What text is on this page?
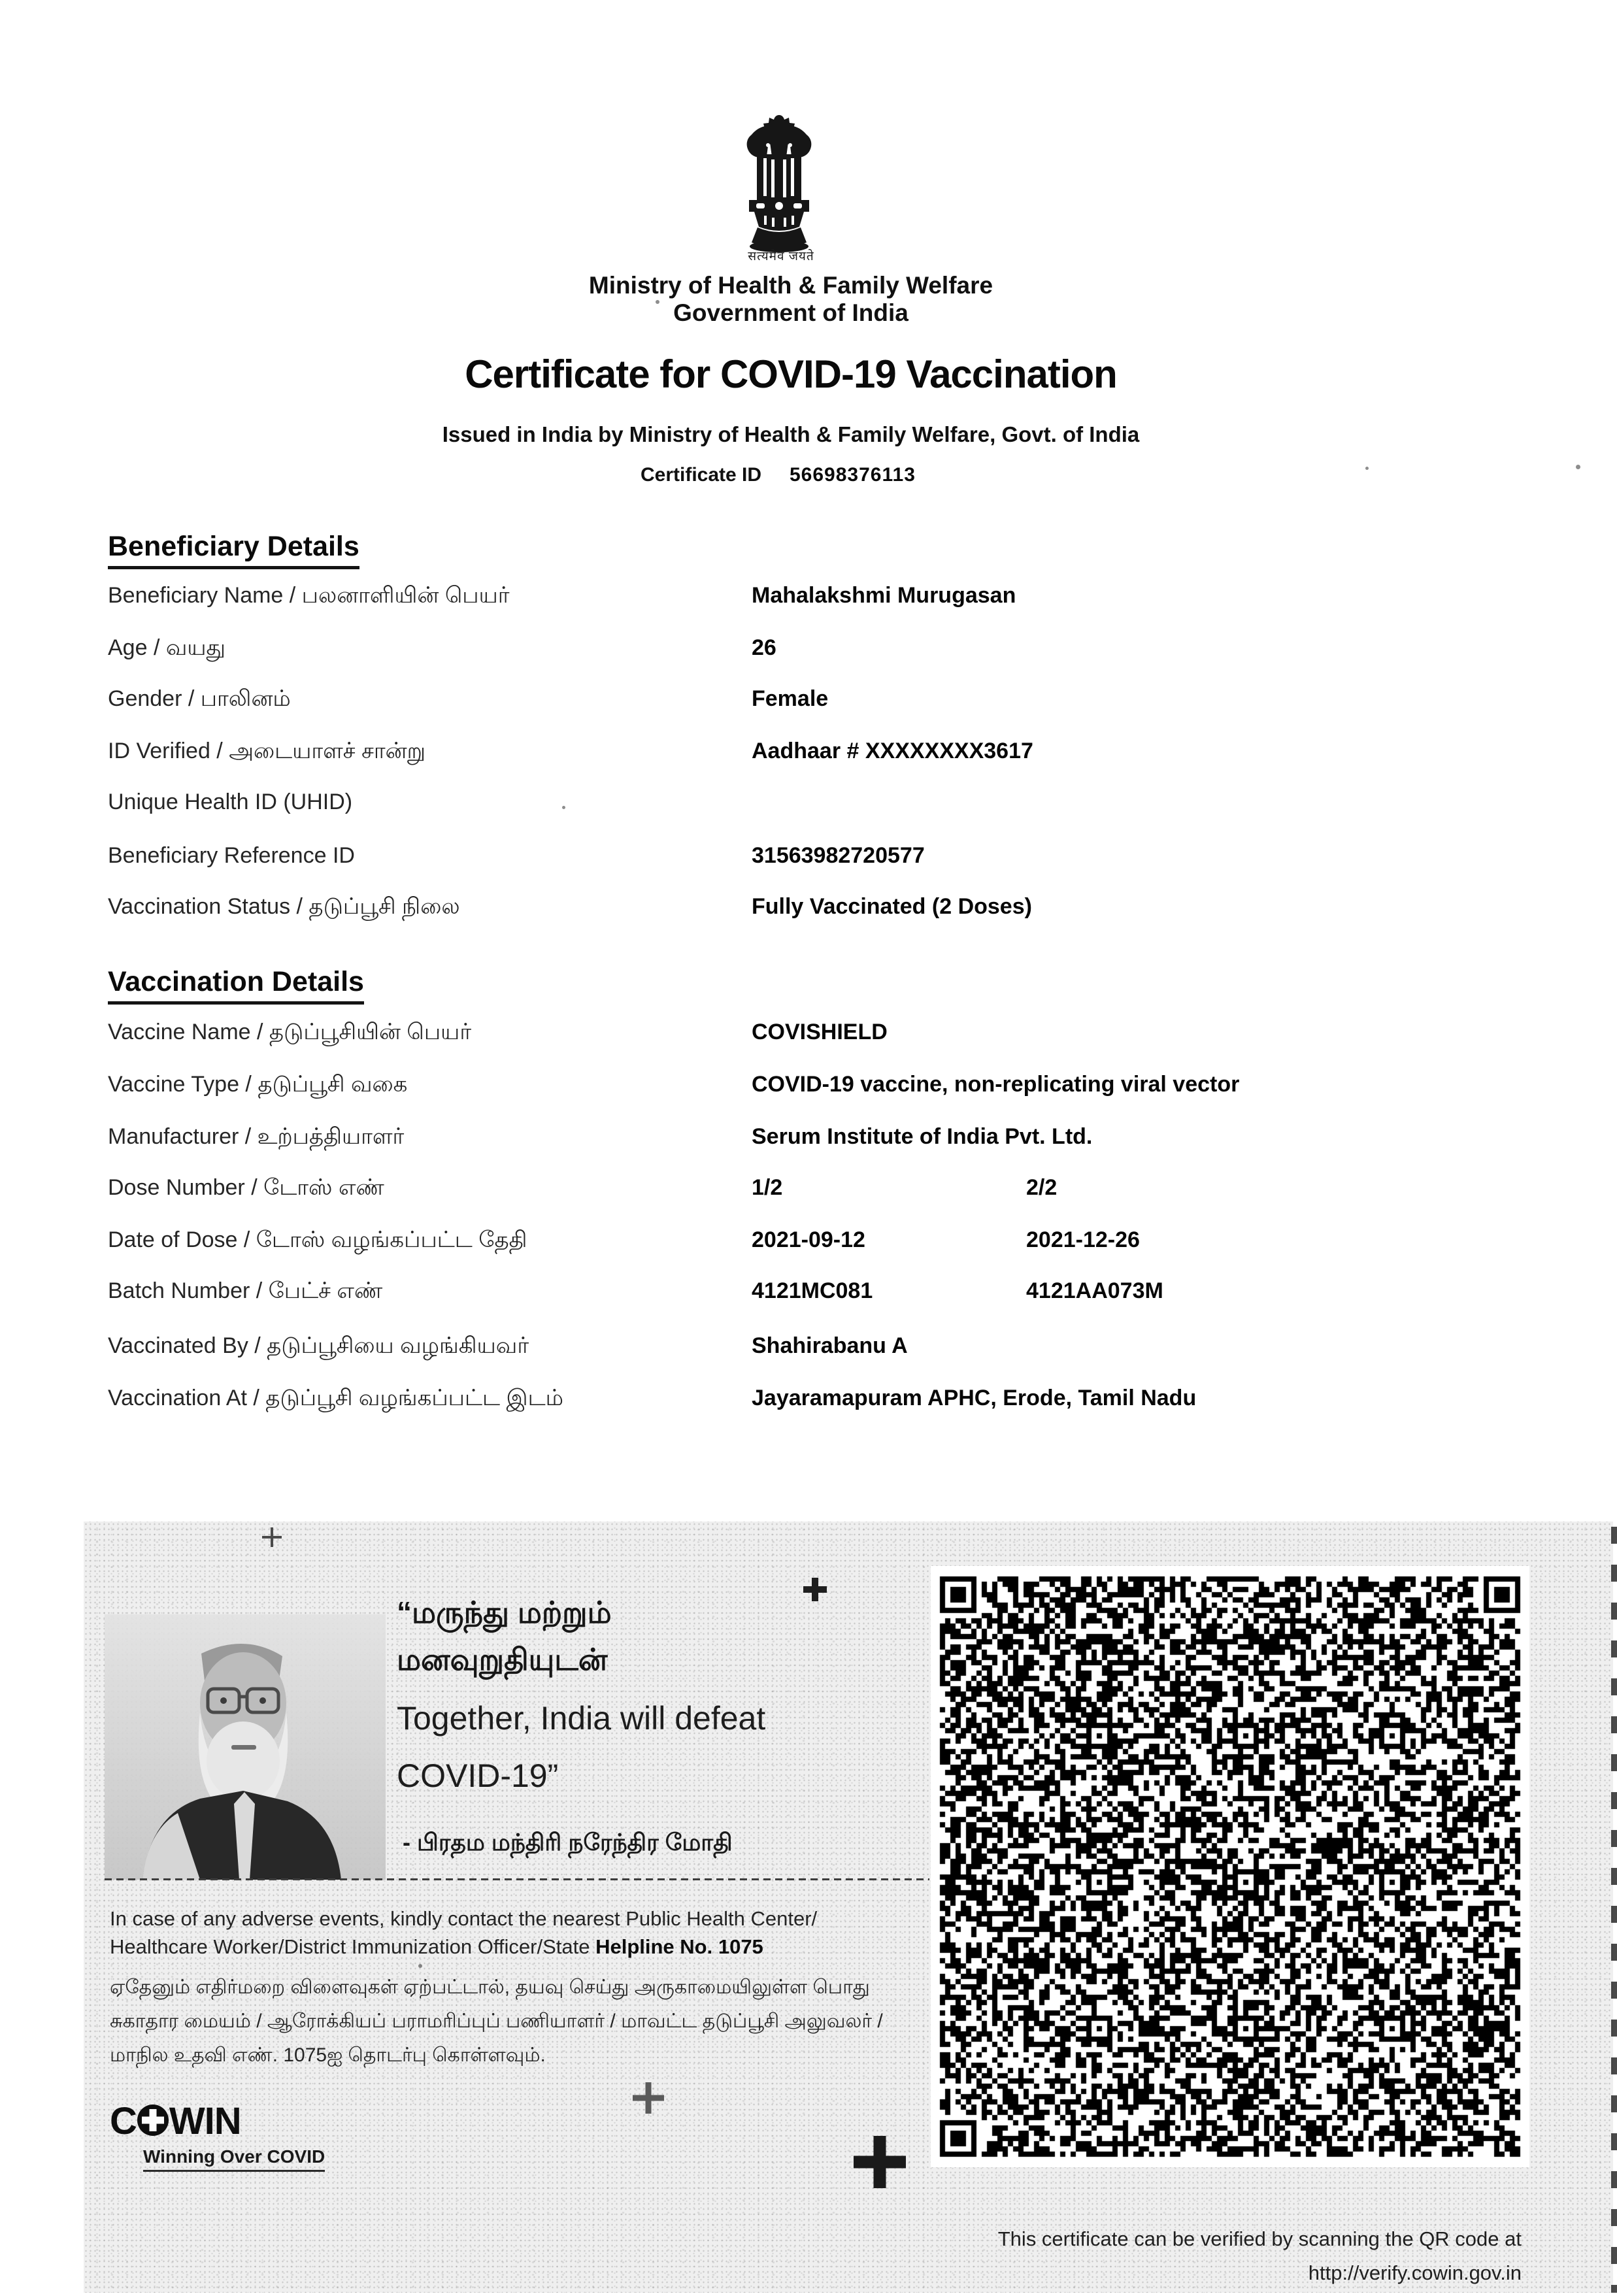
सत्यमेव जयते
Ministry of Health & Family Welfare
Government of India
Certificate for COVID-19 Vaccination
Issued in India by Ministry of Health & Family Welfare, Govt. of India
Certificate ID 56698376113
Beneficiary Details
Beneficiary Name / பலனாளியின் பெயர்	Mahalakshmi Murugasan
Age / வயது	26
Gender / பாலினம்	Female
ID Verified / அடையாளச் சான்று	Aadhaar # XXXXXXXX3617
Unique Health ID (UHID)
Beneficiary Reference ID	31563982720577
Vaccination Status / தடுப்பூசி நிலை	Fully Vaccinated (2 Doses)
Vaccination Details
Vaccine Name / தடுப்பூசியின் பெயர்	COVISHIELD
Vaccine Type / தடுப்பூசி வகை	COVID-19 vaccine, non-replicating viral vector
Manufacturer / உற்பத்தியாளர்	Serum Institute of India Pvt. Ltd.
Dose Number / டோஸ் எண்	1/2	2/2
Date of Dose / டோஸ் வழங்கப்பட்ட தேதி	2021-09-12	2021-12-26
Batch Number / பேட்ச் எண்	4121MC081	4121AA073M
Vaccinated By / தடுப்பூசியை வழங்கியவர்	Shahirabanu A
Vaccination At / தடுப்பூசி வழங்கப்பட்ட இடம்	Jayaramapuram APHC, Erode, Tamil Nadu
“மருந்து மற்றும்
மனவுறுதியுடன்
Together, India will defeat
COVID-19”
- பிரதம மந்திரி நரேந்திர மோதி
In case of any adverse events, kindly contact the nearest Public Health Center/
Healthcare Worker/District Immunization Officer/State Helpline No. 1075
ஏதேனும் எதிர்மறை விளைவுகள் ஏற்பட்டால், தயவு செய்து அருகாமையிலுள்ள பொது
சுகாதார மையம் / ஆரோக்கியப் பராமரிப்புப் பணியாளர் / மாவட்ட தடுப்பூசி அலுவலர் /
மாநில உதவி எண். 1075ஐ தொடர்பு கொள்ளவும்.
C WIN
Winning Over COVID
This certificate can be verified by scanning the QR code at
http://verify.cowin.gov.in
